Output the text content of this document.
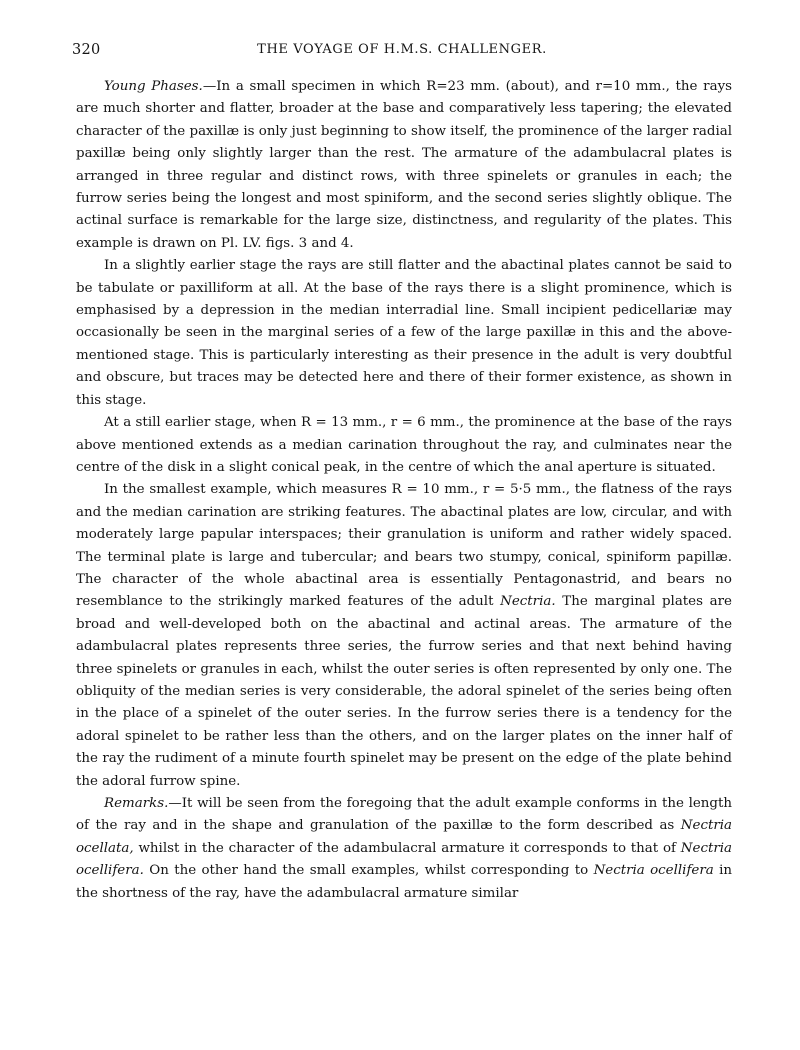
320	THE VOYAGE OF H.M.S. CHALLENGER.

Young Phases.—In a small specimen in which R=23 mm. (about), and r=10 mm., the rays are much shorter and flatter, broader at the base and comparatively less tapering; the elevated character of the paxillæ is only just beginning to show itself, the prominence of the larger radial paxillæ being only slightly larger than the rest. The armature of the adambulacral plates is arranged in three regular and distinct rows, with three spinelets or granules in each; the furrow series being the longest and most spiniform, and the second series slightly oblique. The actinal surface is remarkable for the large size, distinctness, and regularity of the plates. This example is drawn on Pl. LV. figs. 3 and 4.

In a slightly earlier stage the rays are still flatter and the abactinal plates cannot be said to be tabulate or paxilliform at all. At the base of the rays there is a slight prominence, which is emphasised by a depression in the median interradial line. Small incipient pedicellariæ may occasionally be seen in the marginal series of a few of the large paxillæ in this and the above-mentioned stage. This is particularly interesting as their presence in the adult is very doubtful and obscure, but traces may be detected here and there of their former existence, as shown in this stage.

At a still earlier stage, when R = 13 mm., r = 6 mm., the prominence at the base of the rays above mentioned extends as a median carination throughout the ray, and culminates near the centre of the disk in a slight conical peak, in the centre of which the anal aperture is situated.

In the smallest example, which measures R = 10 mm., r = 5·5 mm., the flatness of the rays and the median carination are striking features. The abactinal plates are low, circular, and with moderately large papular interspaces; their granulation is uniform and rather widely spaced. The terminal plate is large and tubercular; and bears two stumpy, conical, spiniform papillæ. The character of the whole abactinal area is essentially Pentagonastrid, and bears no resemblance to the strikingly marked features of the adult Nectria. The marginal plates are broad and well-developed both on the abactinal and actinal areas. The armature of the adambulacral plates represents three series, the furrow series and that next behind having three spinelets or granules in each, whilst the outer series is often represented by only one. The obliquity of the median series is very considerable, the adoral spinelet of the series being often in the place of a spinelet of the outer series. In the furrow series there is a tendency for the adoral spinelet to be rather less than the others, and on the larger plates on the inner half of the ray the rudiment of a minute fourth spinelet may be present on the edge of the plate behind the adoral furrow spine.

Remarks.—It will be seen from the foregoing that the adult example conforms in the length of the ray and in the shape and granulation of the paxillæ to the form described as Nectria ocellata, whilst in the character of the adambulacral armature it corresponds to that of Nectria ocellifera. On the other hand the small examples, whilst corresponding to Nectria ocellifera in the shortness of the ray, have the adambulacral armature similar
